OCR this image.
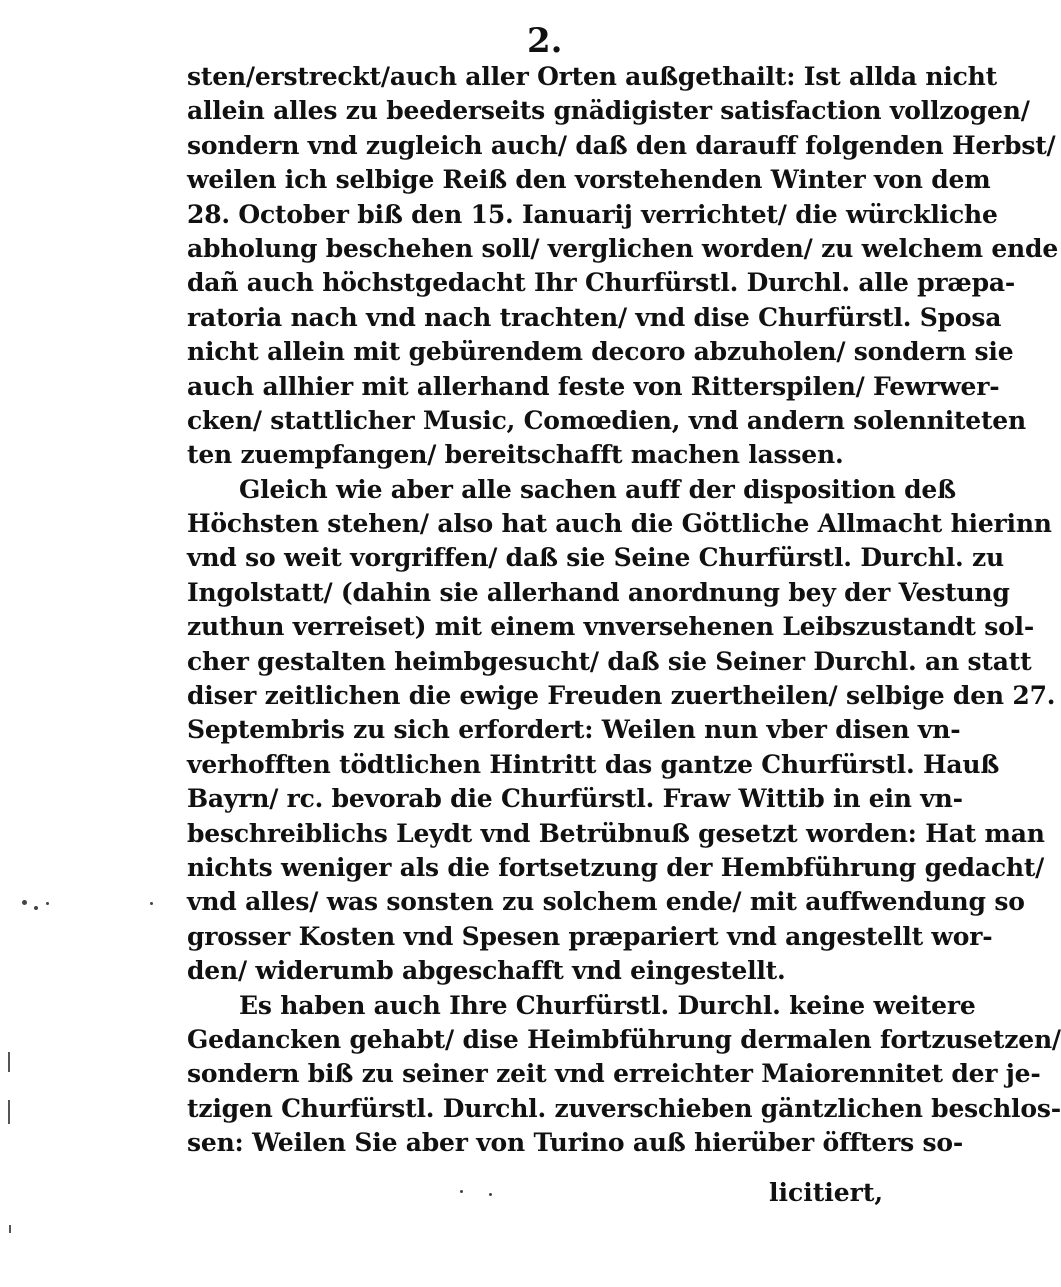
2.
sten/erstreckt/auch aller Orten außgethailt: Ist allda nicht
allein alles zu beederseits gnädigister satisfaction vollzogen/
sondern vnd zugleich auch/ daß den darauff folgenden Herbst/
weilen ich selbige Reiß den vorstehenden Winter von dem
28. October biß den 15. Ianuarij verrichtet/ die würckliche
abholung beschehen soll/ verglichen worden/ zu welchem ende
dañ auch höchstgedacht Ihr Churfürstl. Durchl. alle præpa-
ratoria nach vnd nach trachten/ vnd dise Churfürstl. Sposa
nicht allein mit gebürendem decoro abzuholen/ sondern sie
auch allhier mit allerhand feste von Ritterspilen/ Fewrwer-
cken/ stattlicher Music, Comœdien, vnd andern solenniteten
ten zuempfangen/ bereitschafft machen lassen.
Gleich wie aber alle sachen auff der disposition deß
Höchsten stehen/ also hat auch die Göttliche Allmacht hierinn
vnd so weit vorgriffen/ daß sie Seine Churfürstl. Durchl. zu
Ingolstatt/ (dahin sie allerhand anordnung bey der Vestung
zuthun verreiset) mit einem vnversehenen Leibszustandt sol-
cher gestalten heimbgesucht/ daß sie Seiner Durchl. an statt
diser zeitlichen die ewige Freuden zuertheilen/ selbige den 27.
Septembris zu sich erfordert: Weilen nun vber disen vn-
verhofften tödtlichen Hintritt das gantze Churfürstl. Hauß
Bayrn/ rc. bevorab die Churfürstl. Fraw Wittib in ein vn-
beschreiblichs Leydt vnd Betrübnuß gesetzt worden: Hat man
nichts weniger als die fortsetzung der Hembführung gedacht/
vnd alles/ was sonsten zu solchem ende/ mit auffwendung so
grosser Kosten vnd Spesen præpariert vnd angestellt wor-
den/ widerumb abgeschafft vnd eingestellt.
Es haben auch Ihre Churfürstl. Durchl. keine weitere
Gedancken gehabt/ dise Heimbführung dermalen fortzusetzen/
sondern biß zu seiner zeit vnd erreichter Maiorennitet der je-
tzigen Churfürstl. Durchl. zuverschieben gäntzlichen beschlos-
sen: Weilen Sie aber von Turino auß hierüber öffters so-
licitiert,
